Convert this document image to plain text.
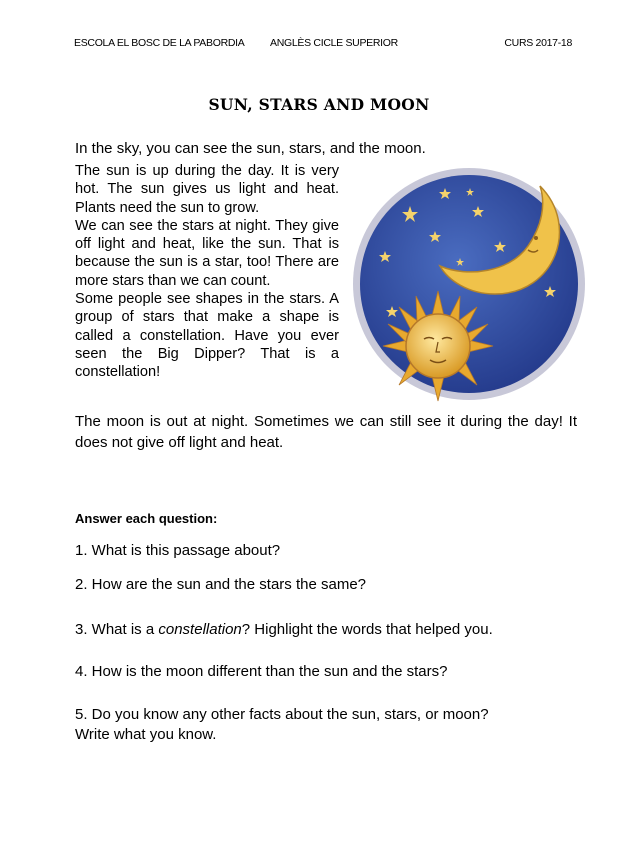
ESCOLA EL BOSC DE LA PABORDIA ANGLÈS CICLE SUPERIOR	CURS 2017-18
SUN, STARS AND MOON
In the sky, you can see the sun, stars, and the moon.

The sun is up during the day. It is very hot. The sun gives us light and heat. Plants need the sun to grow.

We can see the stars at night. They give off light and heat, like the sun. That is because the sun is a star, too! There are more stars than we can count.

Some people see shapes in the stars. A group of stars that make a shape is called a constellation. Have you ever seen the Big Dipper? That is a constellation!

The moon is out at night. Sometimes we can still see it during the day! It does not give off light and heat.
Answer each question:
1. What is this passage about?
2. How are the sun and the stars the same?
3. What is a constellation? Highlight the words that helped you.
4. How is the moon different than the sun and the stars?
5. Do you know any other facts about the sun, stars, or moon?
Write what you know.
